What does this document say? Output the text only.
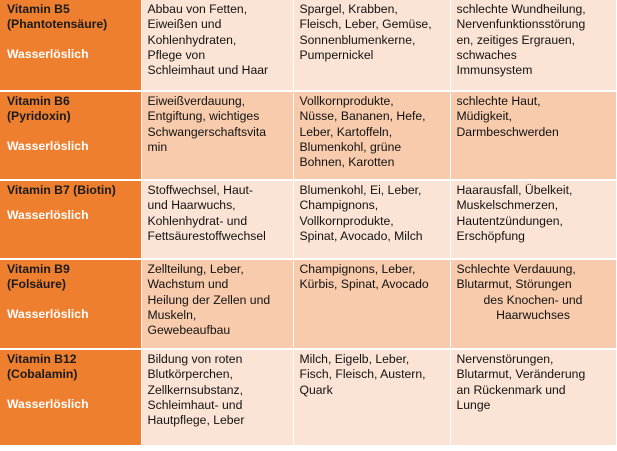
Vitamin B5
(Phantotensäure)
Wasserlöslich	Abbau von Fetten,
Eiweißen und
Kohlenhydraten,
Pflege von
Schleimhaut und Haar	Spargel, Krabben,
Fleisch, Leber, Gemüse,
Sonnenblumenkerne,
Pumpernickel	schlechte Wundheilung,
Nervenfunktionsstörung
en, zeitiges Ergrauen,
schwaches
Immunsystem

Vitamin B6
(Pyridoxin)
Wasserlöslich	Eiweißverdauung,
Entgiftung, wichtiges
Schwangerschaftsvita
min	Vollkornprodukte,
Nüsse, Bananen, Hefe,
Leber, Kartoffeln,
Blumenkohl, grüne
Bohnen, Karotten	schlechte Haut,
Müdigkeit,
Darmbeschwerden

Vitamin B7 (Biotin)
Wasserlöslich	Stoffwechsel, Haut-
und Haarwuchs,
Kohlenhydrat- und
Fettsäurestoffwechsel	Blumenkohl, Ei, Leber,
Champignons,
Vollkornprodukte,
Spinat, Avocado, Milch	Haarausfall, Übelkeit,
Muskelschmerzen,
Hautentzündungen,
Erschöpfung

Vitamin B9
(Folsäure)
Wasserlöslich	Zellteilung, Leber,
Wachstum und
Heilung der Zellen und
Muskeln,
Gewebeaufbau	Champignons, Leber,
Kürbis, Spinat, Avocado	Schlechte Verdauung,
Blutarmut, Störungen
des Knochen- und
Haarwuchses

Vitamin B12
(Cobalamin)
Wasserlöslich	Bildung von roten
Blutkörperchen,
Zellkernsubstanz,
Schleimhaut- und
Hautpflege, Leber	Milch, Eigelb, Leber,
Fisch, Fleisch, Austern,
Quark	Nervenstörungen,
Blutarmut, Veränderung
an Rückenmark und
Lunge
